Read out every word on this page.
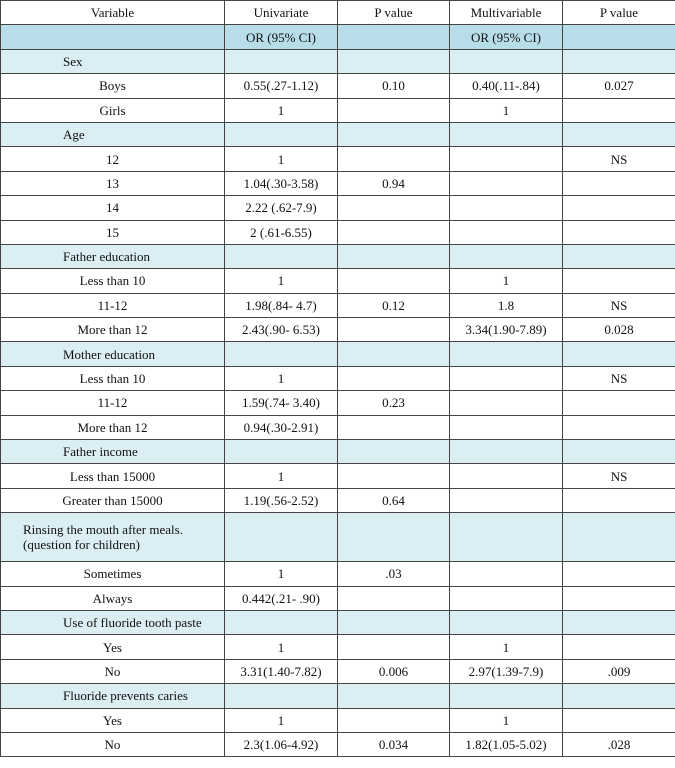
Variable	Univariate	P value	Multivariable	P value
	OR (95% CI)		OR (95% CI)	
Sex				
Boys	0.55(.27-1.12)	0.10	0.40(.11-.84)	0.027
Girls	1		1	
Age				
12	1			NS
13	1.04(.30-3.58)	0.94		
14	2.22 (.62-7.9)			
15	2 (.61-6.55)			
Father education				
Less than 10	1		1	
11-12	1.98(.84- 4.7)	0.12	1.8	NS
More than 12	2.43(.90- 6.53)		3.34(1.90-7.89)	0.028
Mother education				
Less than 10	1			NS
11-12	1.59(.74- 3.40)	0.23		
More than 12	0.94(.30-2.91)			
Father income				
Less than 15000	1			NS
Greater than 15000	1.19(.56-2.52)	0.64		

Rinsing the mouth after meals.
(question for children)				

Sometimes	1	.03		
Always	0.442(.21- .90)			
Use of fluoride tooth paste				
Yes	1		1	
No	3.31(1.40-7.82)	0.006	2.97(1.39-7.9)	.009
Fluoride prevents caries				
Yes	1		1	
No	2.3(1.06-4.92)	0.034	1.82(1.05-5.02)	.028
